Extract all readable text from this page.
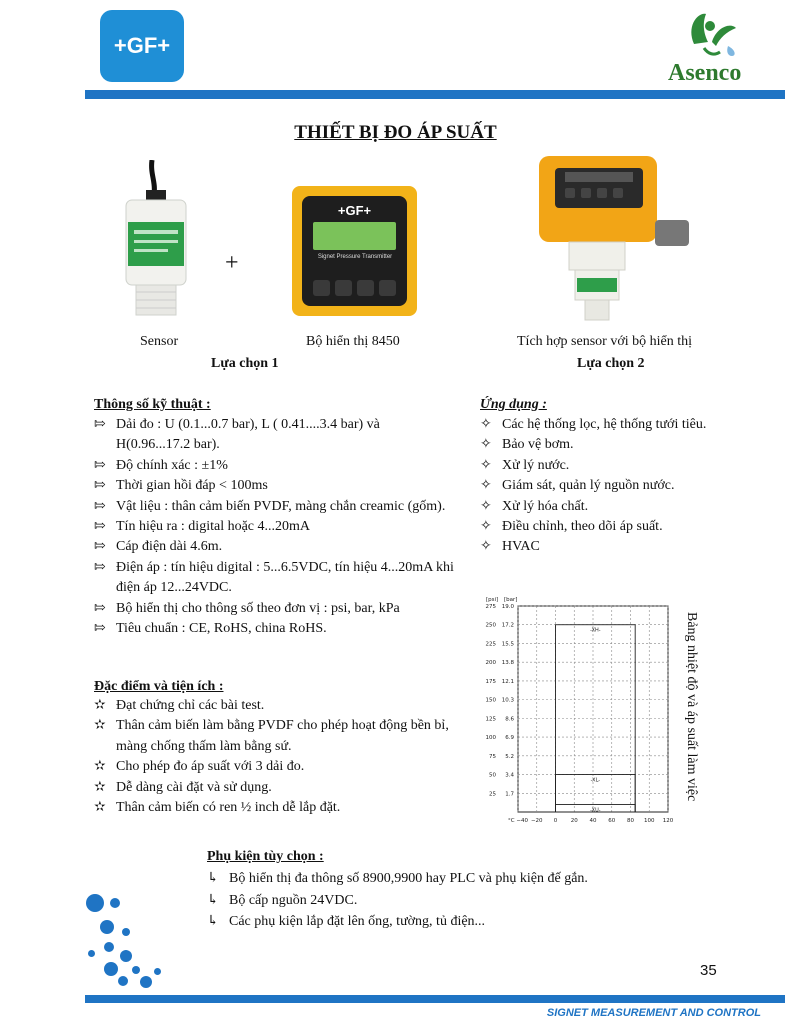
+GF+
Asenco
THIẾT BỊ ĐO ÁP SUẤT
+
+GF+
Signet Pressure Transmitter
Sensor	Bộ hiển thị 8450	Tích hợp sensor với bộ hiển thị
Lựa chọn 1	Lựa chọn 2
Thông số kỹ thuật :
⇰ Dải đo : U (0.1...0.7 bar), L ( 0.41....3.4 bar) và H(0.96...17.2 bar).
⇰ Độ chính xác : ±1%
⇰ Thời gian hồi đáp < 100ms
⇰ Vật liệu : thân cảm biến PVDF, màng chắn creamic (gốm).
⇰ Tín hiệu ra : digital hoặc 4...20mA
⇰ Cáp điện dài 4.6m.
⇰ Điện áp : tín hiệu digital : 5...6.5VDC, tín hiệu 4...20mA khi điện áp 12...24VDC.
⇰ Bộ hiển thị cho thông số theo đơn vị : psi, bar, kPa
⇰ Tiêu chuẩn : CE, RoHS, china RoHS.
Ứng dụng :
✧ Các hệ thống lọc, hệ thống tưới tiêu.
✧ Bảo vệ bơm.
✧ Xử lý nước.
✧ Giám sát, quản lý nguồn nước.
✧ Xử lý hóa chất.
✧ Điều chỉnh, theo dõi áp suất.
✧ HVAC
Đặc điểm và tiện ích :
✫ Đạt chứng chỉ các bài test.
✫ Thân cảm biến làm bằng PVDF cho phép hoạt động bền bỉ, màng chống thấm làm bằng sứ.
✫ Cho phép đo áp suất với 3 dải đo.
✫ Dễ dàng cài đặt và sử dụng.
✫ Thân cảm biến có ren ½ inch dễ lắp đặt.
°C −40 −20 0 20 40 60 80 100 120
275 19.0
250 17.2
225 15.5
200 13.8
175 12.1
150 10.3
125 8.6
100 6.9
75 5.2
50 3.4
25 1.7
[psi] [bar]
-XH-
-XL-
-XU-
Bảng nhiệt độ và áp suất làm việc
Phụ kiện tùy chọn :
↳ Bộ hiển thị đa thông số 8900,9900 hay PLC và phụ kiện đế gắn.
↳ Bộ cấp nguồn 24VDC.
↳ Các phụ kiện lắp đặt lên ống, tường, tủ điện...
35
SIGNET MEASUREMENT AND CONTROL
